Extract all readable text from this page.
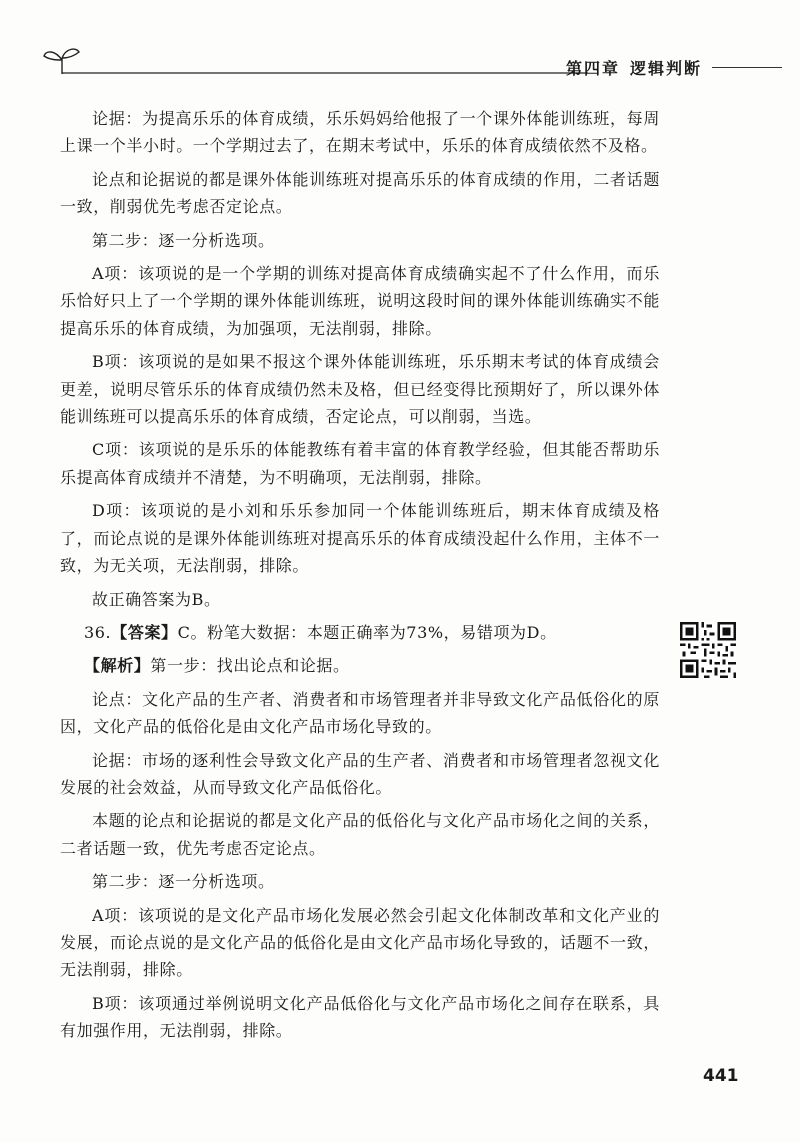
第四章 逻辑判断

论据：为提高乐乐的体育成绩，乐乐妈妈给他报了一个课外体能训练班，每周上课一个半小时。一个学期过去了，在期末考试中，乐乐的体育成绩依然不及格。

论点和论据说的都是课外体能训练班对提高乐乐的体育成绩的作用，二者话题一致，削弱优先考虑否定论点。

第二步：逐一分析选项。

A项：该项说的是一个学期的训练对提高体育成绩确实起不了什么作用，而乐乐恰好只上了一个学期的课外体能训练班，说明这段时间的课外体能训练确实不能提高乐乐的体育成绩，为加强项，无法削弱，排除。

B项：该项说的是如果不报这个课外体能训练班，乐乐期末考试的体育成绩会更差，说明尽管乐乐的体育成绩仍然未及格，但已经变得比预期好了，所以课外体能训练班可以提高乐乐的体育成绩，否定论点，可以削弱，当选。

C项：该项说的是乐乐的体能教练有着丰富的体育教学经验，但其能否帮助乐乐提高体育成绩并不清楚，为不明确项，无法削弱，排除。

D项：该项说的是小刘和乐乐参加同一个体能训练班后，期末体育成绩及格了，而论点说的是课外体能训练班对提高乐乐的体育成绩没起什么作用，主体不一致，为无关项，无法削弱，排除。

故正确答案为B。

36.【答案】C。粉笔大数据：本题正确率为73%，易错项为D。

【解析】第一步：找出论点和论据。

论点：文化产品的生产者、消费者和市场管理者并非导致文化产品低俗化的原因，文化产品的低俗化是由文化产品市场化导致的。

论据：市场的逐利性会导致文化产品的生产者、消费者和市场管理者忽视文化发展的社会效益，从而导致文化产品低俗化。

本题的论点和论据说的都是文化产品的低俗化与文化产品市场化之间的关系，二者话题一致，优先考虑否定论点。

第二步：逐一分析选项。

A项：该项说的是文化产品市场化发展必然会引起文化体制改革和文化产业的发展，而论点说的是文化产品的低俗化是由文化产品市场化导致的，话题不一致，无法削弱，排除。

B项：该项通过举例说明文化产品低俗化与文化产品市场化之间存在联系，具有加强作用，无法削弱，排除。

441
